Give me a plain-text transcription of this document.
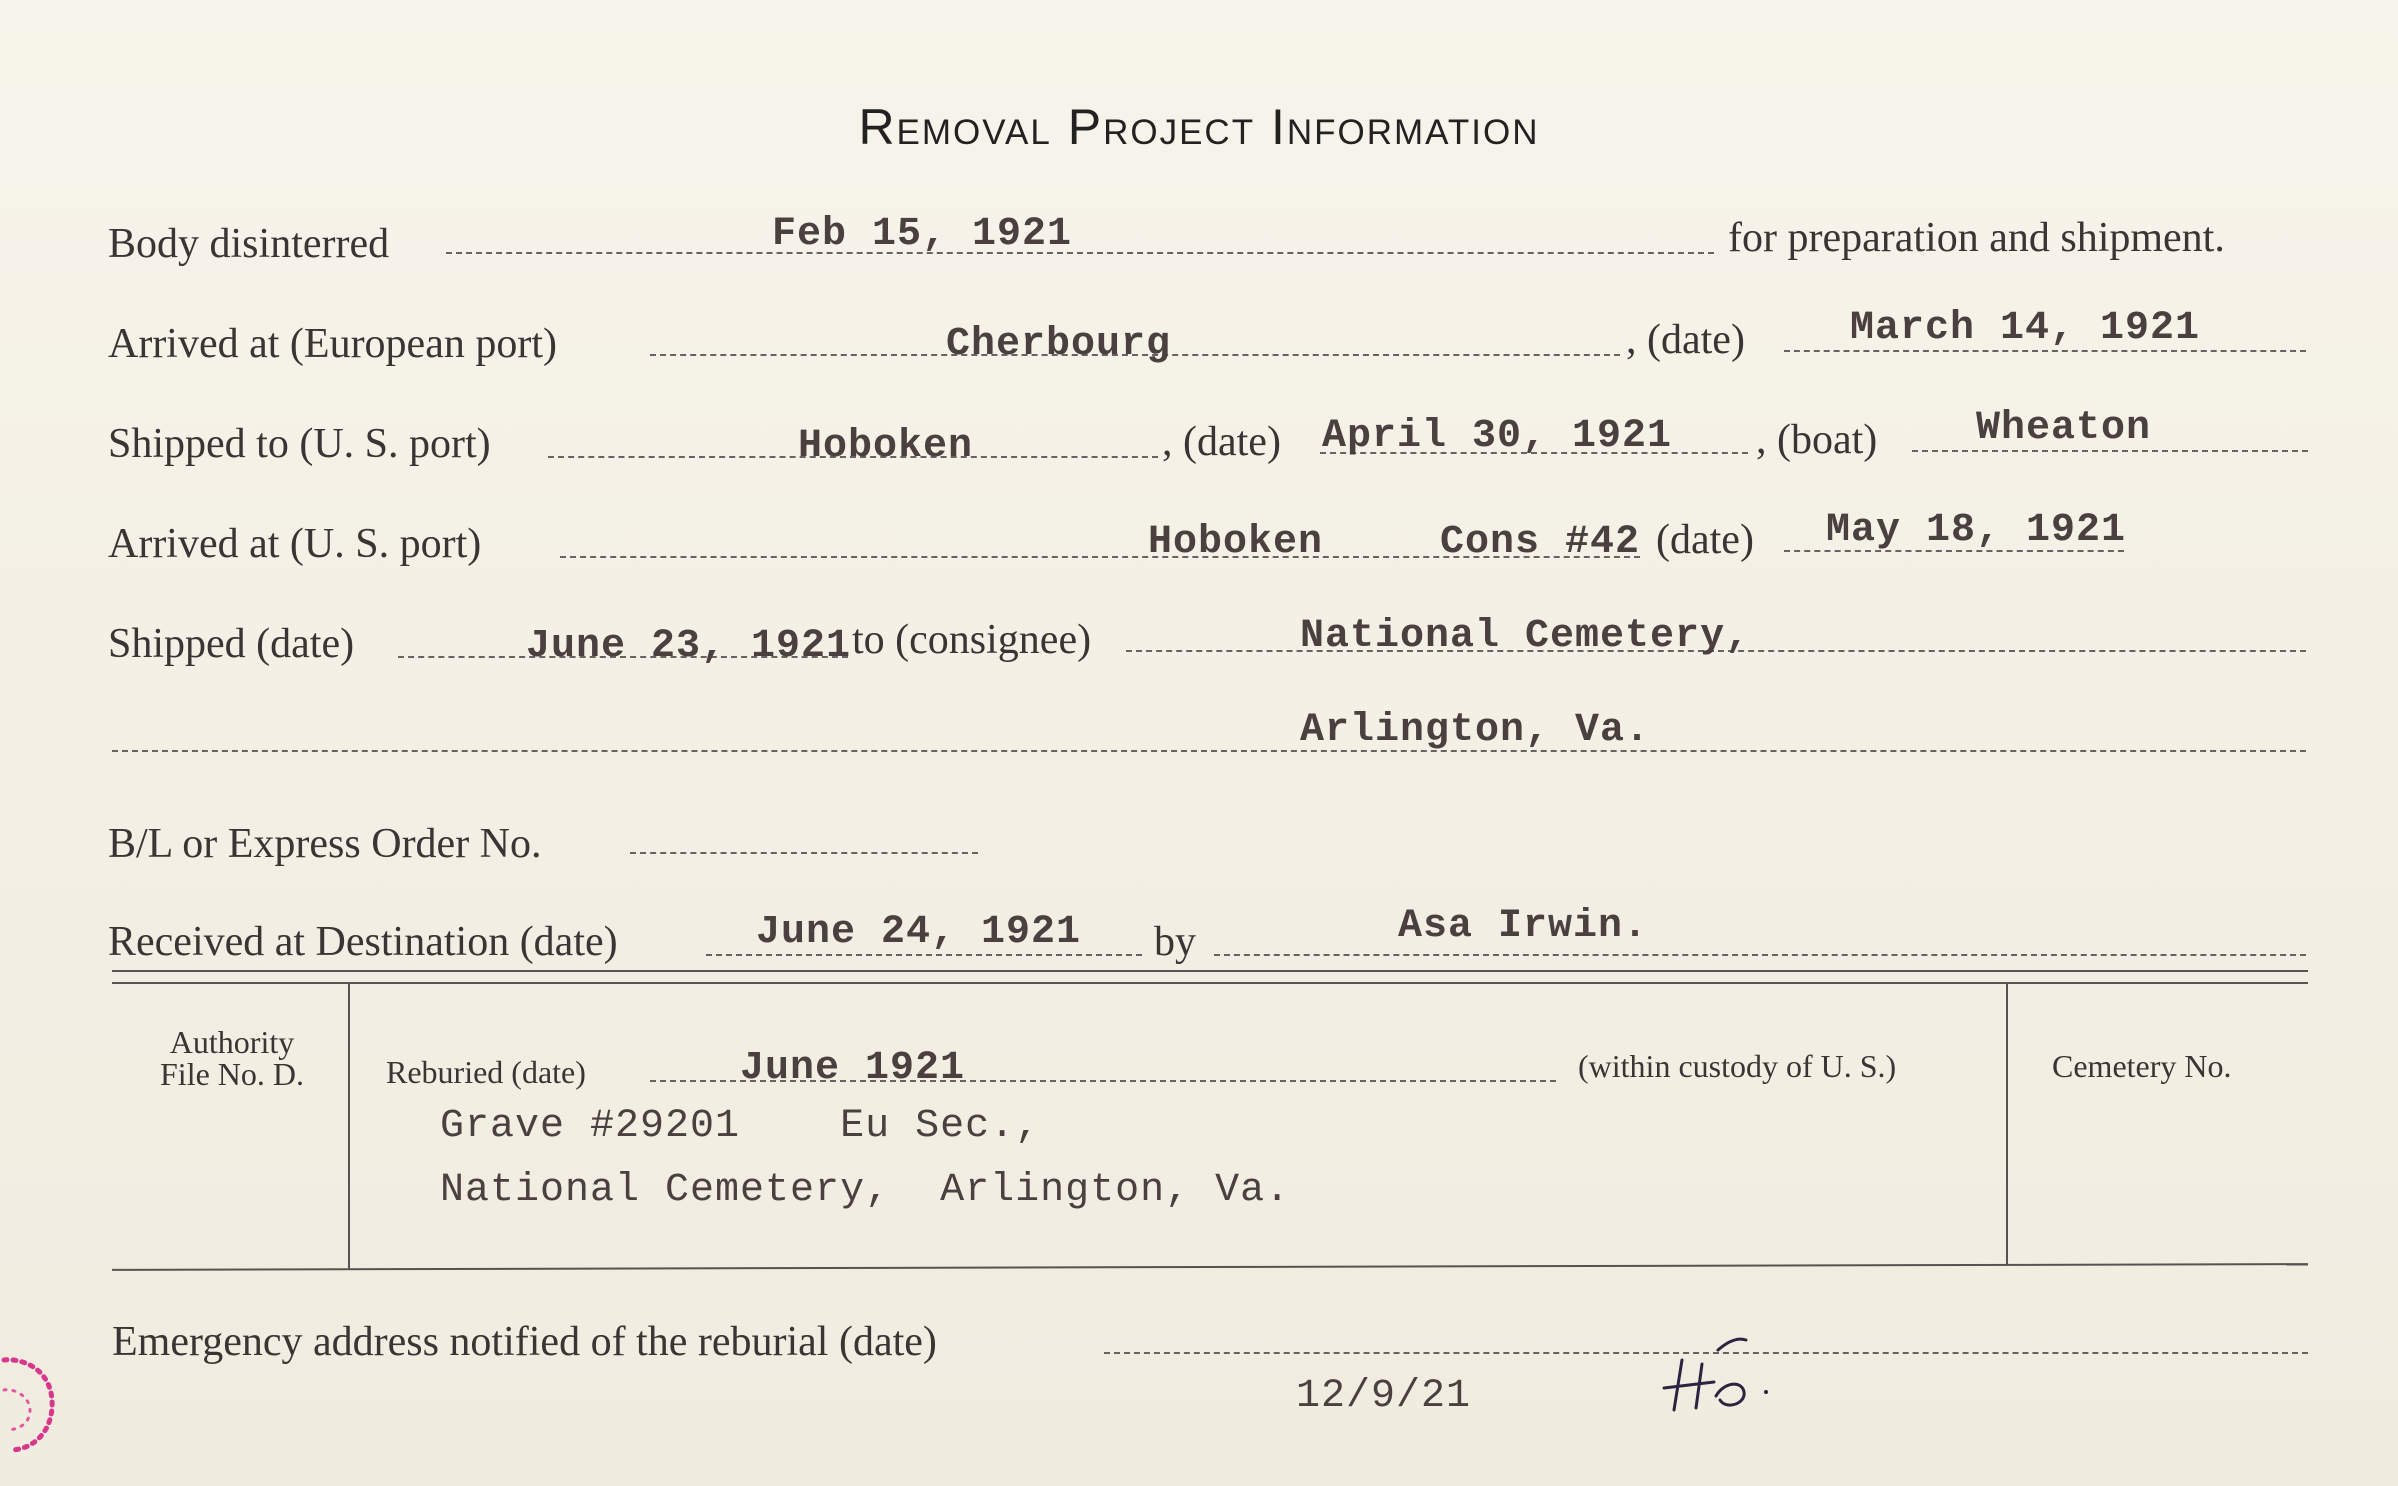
Removal Project Information
Body disinterred	Feb 15, 1921	for preparation and shipment.
Arrived at (European port)	Cherbourg	, (date)	March 14, 1921
Shipped to (U. S. port)	Hoboken	, (date) April 30, 1921 , (boat) Wheaton
Arrived at (U. S. port)	Hoboken	Cons #42 (date) May 18, 1921
Shipped (date)	June 23, 1921 to (consignee)	National Cemetery,
Arlington, Va.
B/L or Express Order No.
Received at Destination (date)	June 24, 1921 by	Asa Irwin.
Authority
File No. D.	Reburied (date)	June 1921	(within custody of U. S.)	Cemetery No.
Grave #29201    Eu Sec.,
National Cemetery,  Arlington, Va.
Emergency address notified of the reburial (date)
12/9/21
